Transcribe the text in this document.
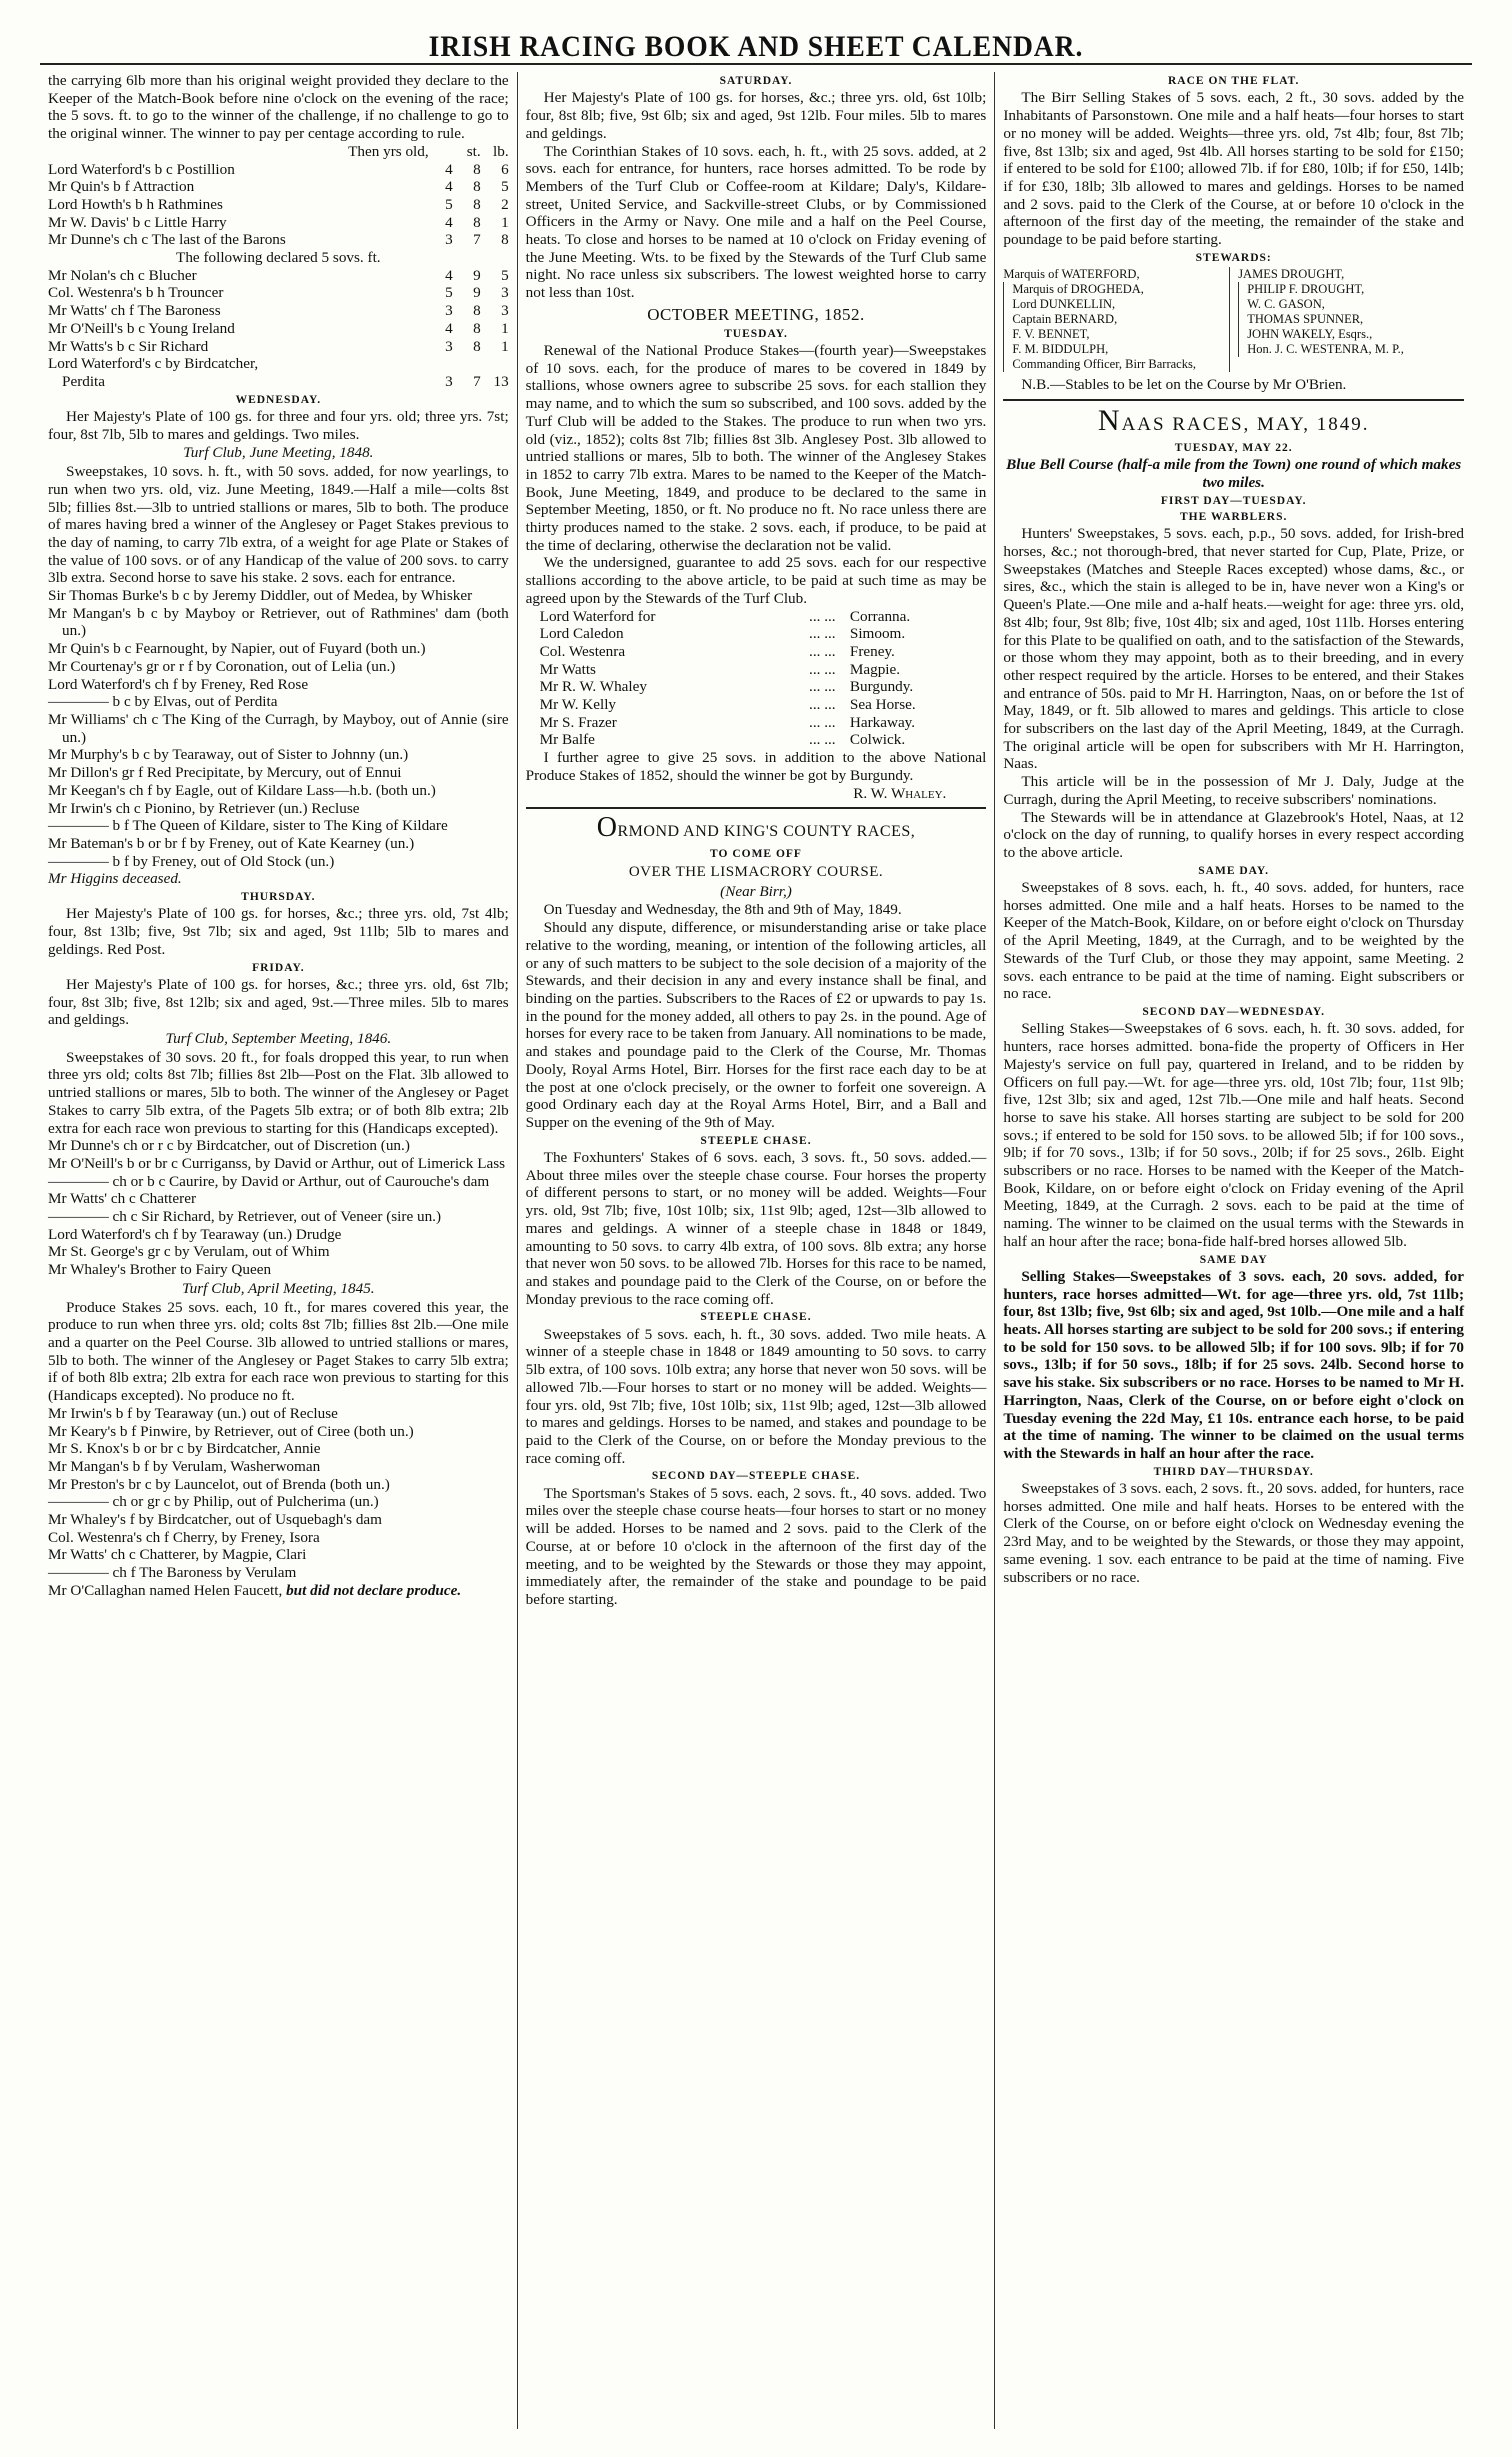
IRISH RACING BOOK AND SHEET CALENDAR.

the carrying 6lb more than his original weight provided they declare to the Keeper of the Match-Book before nine o'clock on the evening of the race; the 5 sovs. ft. to go to the winner of the challenge, if no challenge to go to the original winner. The winner to pay per centage according to rule.

Then yrs old,	st.	lb.	
Lord Waterford's b c Postillion	4	8	6
Mr Quin's b f Attraction	4	8	5
Lord Howth's b h Rathmines	5	8	2
Mr W. Davis' b c Little Harry	4	8	1
Mr Dunne's ch c The last of the Barons	3	7	8
The following declared 5 sovs. ft.
Mr Nolan's ch c Blucher	4	9	5
Col. Westenra's b h Trouncer	5	9	3
Mr Watts' ch f The Baroness	3	8	3
Mr O'Neill's b c Young Ireland	4	8	1
Mr Watts's b c Sir Richard	3	8	1
Lord Waterford's c by Birdcatcher,
Perdita	3	7	13
WEDNESDAY.

Her Majesty's Plate of 100 gs. for three and four yrs. old; three yrs. 7st; four, 8st 7lb, 5lb to mares and geldings. Two miles.

Turf Club, June Meeting, 1848.

Sweepstakes, 10 sovs. h. ft., with 50 sovs. added, for now yearlings, to run when two yrs. old, viz. June Meeting, 1849.—Half a mile—colts 8st 5lb; fillies 8st.—3lb to untried stallions or mares, 5lb to both. The produce of mares having bred a winner of the Anglesey or Paget Stakes previous to the day of naming, to carry 7lb extra, of a weight for age Plate or Stakes of the value of 100 sovs. or of any Handicap of the value of 200 sovs. to carry 3lb extra. Second horse to save his stake. 2 sovs. each for entrance.

Sir Thomas Burke's b c by Jeremy Diddler, out of Medea, by Whisker

Mr Mangan's b c by Mayboy or Retriever, out of Rathmines' dam (both un.)

Mr Quin's b c Fearnought, by Napier, out of Fuyard (both un.)

Mr Courtenay's gr or r f by Coronation, out of Lelia (un.)

Lord Waterford's ch f by Freney, Red Rose

———— b c by Elvas, out of Perdita

Mr Williams' ch c The King of the Curragh, by Mayboy, out of Annie (sire un.)

Mr Murphy's b c by Tearaway, out of Sister to Johnny (un.)

Mr Dillon's gr f Red Precipitate, by Mercury, out of Ennui

Mr Keegan's ch f by Eagle, out of Kildare Lass—h.b. (both un.)

Mr Irwin's ch c Pionino, by Retriever (un.) Recluse

———— b f The Queen of Kildare, sister to The King of Kildare

Mr Bateman's b or br f by Freney, out of Kate Kearney (un.)

———— b f by Freney, out of Old Stock (un.)

Mr Higgins deceased.
THURSDAY.

Her Majesty's Plate of 100 gs. for horses, &c.; three yrs. old, 7st 4lb; four, 8st 13lb; five, 9st 7lb; six and aged, 9st 11lb; 5lb to mares and geldings. Red Post.

FRIDAY.

Her Majesty's Plate of 100 gs. for horses, &c.; three yrs. old, 6st 7lb; four, 8st 3lb; five, 8st 12lb; six and aged, 9st.—Three miles. 5lb to mares and geldings.

Turf Club, September Meeting, 1846.

Sweepstakes of 30 sovs. 20 ft., for foals dropped this year, to run when three yrs old; colts 8st 7lb; fillies 8st 2lb—Post on the Flat. 3lb allowed to untried stallions or mares, 5lb to both. The winner of the Anglesey or Paget Stakes to carry 5lb extra, of the Pagets 5lb extra; or of both 8lb extra; 2lb extra for each race won previous to starting for this (Handicaps excepted).

Mr Dunne's ch or r c by Birdcatcher, out of Discretion (un.)

Mr O'Neill's b or br c Curriganss, by David or Arthur, out of Limerick Lass

———— ch or b c Caurire, by David or Arthur, out of Caurouche's dam

Mr Watts' ch c Chatterer

———— ch c Sir Richard, by Retriever, out of Veneer (sire un.)

Lord Waterford's ch f by Tearaway (un.) Drudge

Mr St. George's gr c by Verulam, out of Whim

Mr Whaley's Brother to Fairy Queen

Turf Club, April Meeting, 1845.

Produce Stakes 25 sovs. each, 10 ft., for mares covered this year, the produce to run when three yrs. old; colts 8st 7lb; fillies 8st 2lb.—One mile and a quarter on the Peel Course. 3lb allowed to untried stallions or mares, 5lb to both. The winner of the Anglesey or Paget Stakes to carry 5lb extra; if of both 8lb extra; 2lb extra for each race won previous to starting for this (Handicaps excepted). No produce no ft.

Mr Irwin's b f by Tearaway (un.) out of Recluse

Mr Keary's b f Pinwire, by Retriever, out of Ciree (both un.)

Mr S. Knox's b or br c by Birdcatcher, Annie

Mr Mangan's b f by Verulam, Washerwoman

Mr Preston's br c by Launcelot, out of Brenda (both un.)

———— ch or gr c by Philip, out of Pulcherima (un.)

Mr Whaley's f by Birdcatcher, out of Usquebagh's dam

Col. Westenra's ch f Cherry, by Freney, Isora

Mr Watts' ch c Chatterer, by Magpie, Clari

———— ch f The Baroness by Verulam

Mr O'Callaghan named Helen Faucett, but did not declare produce.

SATURDAY.

Her Majesty's Plate of 100 gs. for horses, &c.; three yrs. old, 6st 10lb; four, 8st 8lb; five, 9st 6lb; six and aged, 9st 12lb. Four miles. 5lb to mares and geldings.

The Corinthian Stakes of 10 sovs. each, h. ft., with 25 sovs. added, at 2 sovs. each for entrance, for hunters, race horses admitted. To be rode by Members of the Turf Club or Coffee-room at Kildare; Daly's, Kildare-street, United Service, and Sackville-street Clubs, or by Commissioned Officers in the Army or Navy. One mile and a half on the Peel Course, heats. To close and horses to be named at 10 o'clock on Friday evening of the June Meeting. Wts. to be fixed by the Stewards of the Turf Club same night. No race unless six subscribers. The lowest weighted horse to carry not less than 10st.

OCTOBER MEETING, 1852.
TUESDAY.

Renewal of the National Produce Stakes—(fourth year)—Sweepstakes of 10 sovs. each, for the produce of mares to be covered in 1849 by stallions, whose owners agree to subscribe 25 sovs. for each stallion they may name, and to which the sum so subscribed, and 100 sovs. added by the Turf Club will be added to the Stakes. The produce to run when two yrs. old (viz., 1852); colts 8st 7lb; fillies 8st 3lb. Anglesey Post. 3lb allowed to untried stallions or mares, 5lb to both. The winner of the Anglesey Stakes in 1852 to carry 7lb extra. Mares to be named to the Keeper of the Match-Book, June Meeting, 1849, and produce to be declared to the same in September Meeting, 1850, or ft. No produce no ft. No race unless there are thirty produces named to the stake. 2 sovs. each, if produce, to be paid at the time of declaring, otherwise the declaration not be valid.

We the undersigned, guarantee to add 25 sovs. each for our respective stallions according to the above article, to be paid at such time as may be agreed upon by the Stewards of the Turf Club.

Lord Waterford for	... ...	Corranna.
Lord Caledon	... ...	Simoom.
Col. Westenra	... ...	Freney.
Mr Watts	... ...	Magpie.
Mr R. W. Whaley	... ...	Burgundy.
Mr W. Kelly	... ...	Sea Horse.
Mr S. Frazer	... ...	Harkaway.
Mr Balfe	... ...	Colwick.

I further agree to give 25 sovs. in addition to the above National Produce Stakes of 1852, should the winner be got by Burgundy.

R. W. Whaley.
ORMOND AND KING'S COUNTY RACES,
TO COME OFF
OVER THE LISMACRORY COURSE.
(Near Birr,)

On Tuesday and Wednesday, the 8th and 9th of May, 1849.

Should any dispute, difference, or misunderstanding arise or take place relative to the wording, meaning, or intention of the following articles, all or any of such matters to be subject to the sole decision of a majority of the Stewards, and their decision in any and every instance shall be final, and binding on the parties. Subscribers to the Races of £2 or upwards to pay 1s. in the pound for the money added, all others to pay 2s. in the pound. Age of horses for every race to be taken from January. All nominations to be made, and stakes and poundage paid to the Clerk of the Course, Mr. Thomas Dooly, Royal Arms Hotel, Birr. Horses for the first race each day to be at the post at one o'clock precisely, or the owner to forfeit one sovereign. A good Ordinary each day at the Royal Arms Hotel, Birr, and a Ball and Supper on the evening of the 9th of May.

STEEPLE CHASE.

The Foxhunters' Stakes of 6 sovs. each, 3 sovs. ft., 50 sovs. added.—About three miles over the steeple chase course. Four horses the property of different persons to start, or no money will be added. Weights—Four yrs. old, 9st 7lb; five, 10st 10lb; six, 11st 9lb; aged, 12st—3lb allowed to mares and geldings. A winner of a steeple chase in 1848 or 1849, amounting to 50 sovs. to carry 4lb extra, of 100 sovs. 8lb extra; any horse that never won 50 sovs. to be allowed 7lb. Horses for this race to be named, and stakes and poundage paid to the Clerk of the Course, on or before the Monday previous to the race coming off.

STEEPLE CHASE.

Sweepstakes of 5 sovs. each, h. ft., 30 sovs. added. Two mile heats. A winner of a steeple chase in 1848 or 1849 amounting to 50 sovs. to carry 5lb extra, of 100 sovs. 10lb extra; any horse that never won 50 sovs. will be allowed 7lb.—Four horses to start or no money will be added. Weights—four yrs. old, 9st 7lb; five, 10st 10lb; six, 11st 9lb; aged, 12st—3lb allowed to mares and geldings. Horses to be named, and stakes and poundage to be paid to the Clerk of the Course, on or before the Monday previous to the race coming off.

SECOND DAY—STEEPLE CHASE.

The Sportsman's Stakes of 5 sovs. each, 2 sovs. ft., 40 sovs. added. Two miles over the steeple chase course heats—four horses to start or no money will be added. Horses to be named and 2 sovs. paid to the Clerk of the Course, at or before 10 o'clock in the afternoon of the first day of the meeting, and to be weighted by the Stewards or those they may appoint, immediately after, the remainder of the stake and poundage to be paid before starting.

RACE ON THE FLAT.

The Birr Selling Stakes of 5 sovs. each, 2 ft., 30 sovs. added by the Inhabitants of Parsonstown. One mile and a half heats—four horses to start or no money will be added. Weights—three yrs. old, 7st 4lb; four, 8st 7lb; five, 8st 13lb; six and aged, 9st 4lb. All horses starting to be sold for £150; if entered to be sold for £100; allowed 7lb. if for £80, 10lb; if for £50, 14lb; if for £30, 18lb; 3lb allowed to mares and geldings. Horses to be named and 2 sovs. paid to the Clerk of the Course, at or before 10 o'clock in the afternoon of the first day of the meeting, the remainder of the stake and poundage to be paid before starting.

STEWARDS:
Marquis of WATERFORD,
Marquis of DROGHEDA,
Lord DUNKELLIN,
Captain BERNARD,
F. V. BENNET,
F. M. BIDDULPH,
Commanding Officer, Birr Barracks,
JAMES DROUGHT,
PHILIP F. DROUGHT,
W. C. GASON,
THOMAS SPUNNER,
JOHN WAKELY, Esqrs.,
Hon. J. C. WESTENRA, M. P.,

N.B.—Stables to be let on the Course by Mr O'Brien.

NAAS RACES, MAY, 1849.
TUESDAY, MAY 22.
Blue Bell Course (half-a mile from the Town) one round of which makes two miles.
FIRST DAY—TUESDAY.
THE WARBLERS.

Hunters' Sweepstakes, 5 sovs. each, p.p., 50 sovs. added, for Irish-bred horses, &c.; not thorough-bred, that never started for Cup, Plate, Prize, or Sweepstakes (Matches and Steeple Races excepted) whose dams, &c., or sires, &c., which the stain is alleged to be in, have never won a King's or Queen's Plate.—One mile and a-half heats.—weight for age: three yrs. old, 8st 4lb; four, 9st 8lb; five, 10st 4lb; six and aged, 10st 11lb. Horses entering for this Plate to be qualified on oath, and to the satisfaction of the Stewards, or those whom they may appoint, both as to their breeding, and in every other respect required by the article. Horses to be entered, and their Stakes and entrance of 50s. paid to Mr H. Harrington, Naas, on or before the 1st of May, 1849, or ft. 5lb allowed to mares and geldings. This article to close for subscribers on the last day of the April Meeting, 1849, at the Curragh. The original article will be open for subscribers with Mr H. Harrington, Naas.

This article will be in the possession of Mr J. Daly, Judge at the Curragh, during the April Meeting, to receive subscribers' nominations.

The Stewards will be in attendance at Glazebrook's Hotel, Naas, at 12 o'clock on the day of running, to qualify horses in every respect according to the above article.

SAME DAY.

Sweepstakes of 8 sovs. each, h. ft., 40 sovs. added, for hunters, race horses admitted. One mile and a half heats. Horses to be named to the Keeper of the Match-Book, Kildare, on or before eight o'clock on Thursday of the April Meeting, 1849, at the Curragh, and to be weighted by the Stewards of the Turf Club, or those they may appoint, same Meeting. 2 sovs. each entrance to be paid at the time of naming. Eight subscribers or no race.

SECOND DAY—WEDNESDAY.

Selling Stakes—Sweepstakes of 6 sovs. each, h. ft. 30 sovs. added, for hunters, race horses admitted. bona-fide the property of Officers in Her Majesty's service on full pay, quartered in Ireland, and to be ridden by Officers on full pay.—Wt. for age—three yrs. old, 10st 7lb; four, 11st 9lb; five, 12st 3lb; six and aged, 12st 7lb.—One mile and half heats. Second horse to save his stake. All horses starting are subject to be sold for 200 sovs.; if entered to be sold for 150 sovs. to be allowed 5lb; if for 100 sovs., 9lb; if for 70 sovs., 13lb; if for 50 sovs., 20lb; if for 25 sovs., 26lb. Eight subscribers or no race. Horses to be named with the Keeper of the Match-Book, Kildare, on or before eight o'clock on Friday evening of the April Meeting, 1849, at the Curragh. 2 sovs. each to be paid at the time of naming. The winner to be claimed on the usual terms with the Stewards in half an hour after the race; bona-fide half-bred horses allowed 5lb.

SAME DAY

Selling Stakes—Sweepstakes of 3 sovs. each, 20 sovs. added, for hunters, race horses admitted—Wt. for age—three yrs. old, 7st 11lb; four, 8st 13lb; five, 9st 6lb; six and aged, 9st 10lb.—One mile and a half heats. All horses starting are subject to be sold for 200 sovs.; if entering to be sold for 150 sovs. to be allowed 5lb; if for 100 sovs. 9lb; if for 70 sovs., 13lb; if for 50 sovs., 18lb; if for 25 sovs. 24lb. Second horse to save his stake. Six subscribers or no race. Horses to be named to Mr H. Harrington, Naas, Clerk of the Course, on or before eight o'clock on Tuesday evening the 22d May, £1 10s. entrance each horse, to be paid at the time of naming. The winner to be claimed on the usual terms with the Stewards in half an hour after the race.

THIRD DAY—THURSDAY.

Sweepstakes of 3 sovs. each, 2 sovs. ft., 20 sovs. added, for hunters, race horses admitted. One mile and half heats. Horses to be entered with the Clerk of the Course, on or before eight o'clock on Wednesday evening the 23rd May, and to be weighted by the Stewards, or those they may appoint, same evening. 1 sov. each entrance to be paid at the time of naming. Five subscribers or no race.
